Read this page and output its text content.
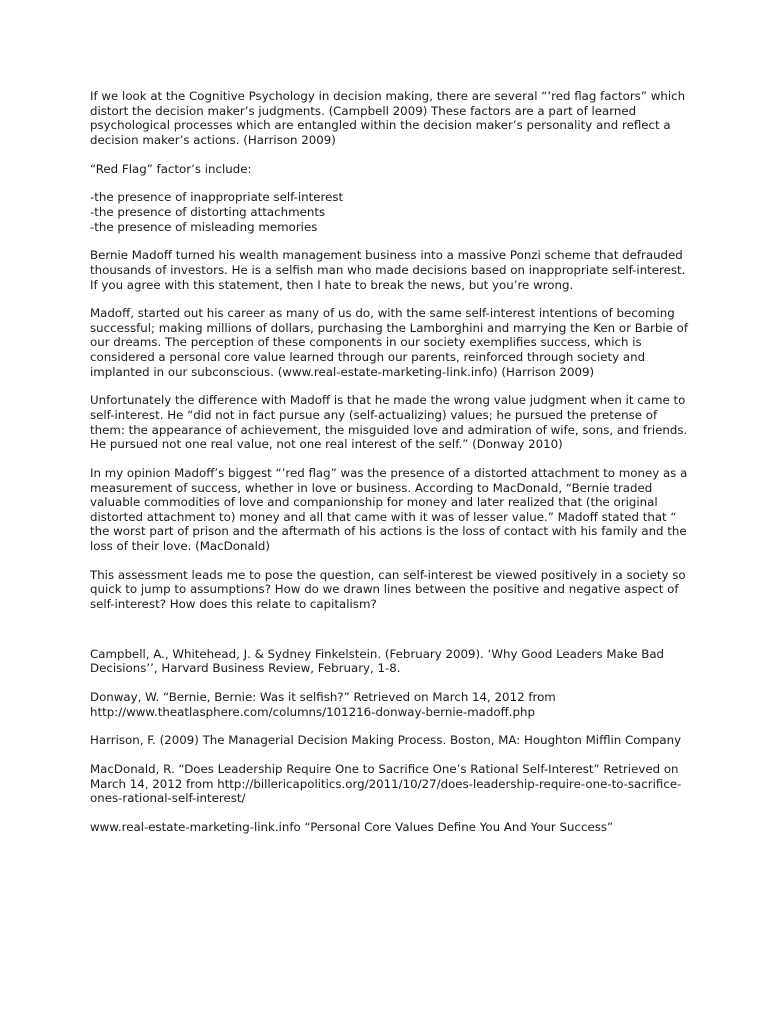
If we look at the Cognitive Psychology in decision making, there are several “’red flag factors” which distort the decision maker’s judgments. (Campbell 2009) These factors are a part of learned psychological processes which are entangled within the decision maker’s personality and reflect a decision maker’s actions. (Harrison 2009)

“Red Flag” factor’s include:

-the presence of inappropriate self-interest

-the presence of distorting attachments

-the presence of misleading memories

Bernie Madoff turned his wealth management business into a massive Ponzi scheme that defrauded thousands of investors. He is a selfish man who made decisions based on inappropriate self-interest.

If you agree with this statement, then I hate to break the news, but you’re wrong.

Madoff, started out his career as many of us do, with the same self-interest intentions of becoming successful; making millions of dollars, purchasing the Lamborghini and marrying the Ken or Barbie of our dreams. The perception of these components in our society exemplifies success, which is considered a personal core value learned through our parents, reinforced through society and implanted in our subconscious. (www.real-estate-marketing-link.info) (Harrison 2009)

Unfortunately the difference with Madoff is that he made the wrong value judgment when it came to self-interest. He “did not in fact pursue any (self-actualizing) values; he pursued the pretense of them: the appearance of achievement, the misguided love and admiration of wife, sons, and friends. He pursued not one real value, not one real interest of the self.” (Donway 2010)

In my opinion Madoff’s biggest “’red flag” was the presence of a distorted attachment to money as a measurement of success, whether in love or business. According to MacDonald, “Bernie traded valuable commodities of love and companionship for money and later realized that (the original distorted attachment to) money and all that came with it was of lesser value.” Madoff stated that “ the worst part of prison and the aftermath of his actions is the loss of contact with his family and the loss of their love. (MacDonald)

This assessment leads me to pose the question, can self-interest be viewed positively in a society so quick to jump to assumptions? How do we drawn lines between the positive and negative aspect of self-interest? How does this relate to capitalism?

Campbell, A., Whitehead, J. & Sydney Finkelstein. (February 2009). ‘Why Good Leaders Make Bad Decisions’’, Harvard Business Review, February, 1-8.

Donway, W. “Bernie, Bernie: Was it selfish?” Retrieved on March 14, 2012 from http://www.theatlasphere.com/columns/101216-donway-bernie-madoff.php

Harrison, F. (2009) The Managerial Decision Making Process. Boston, MA: Houghton Mifflin Company

MacDonald, R. “Does Leadership Require One to Sacrifice One’s Rational Self-Interest” Retrieved on March 14, 2012 from http://billericapolitics.org/2011/10/27/does-leadership-require-one-to-sacrifice-ones-rational-self-interest/

www.real-estate-marketing-link.info “Personal Core Values Define You And Your Success”
